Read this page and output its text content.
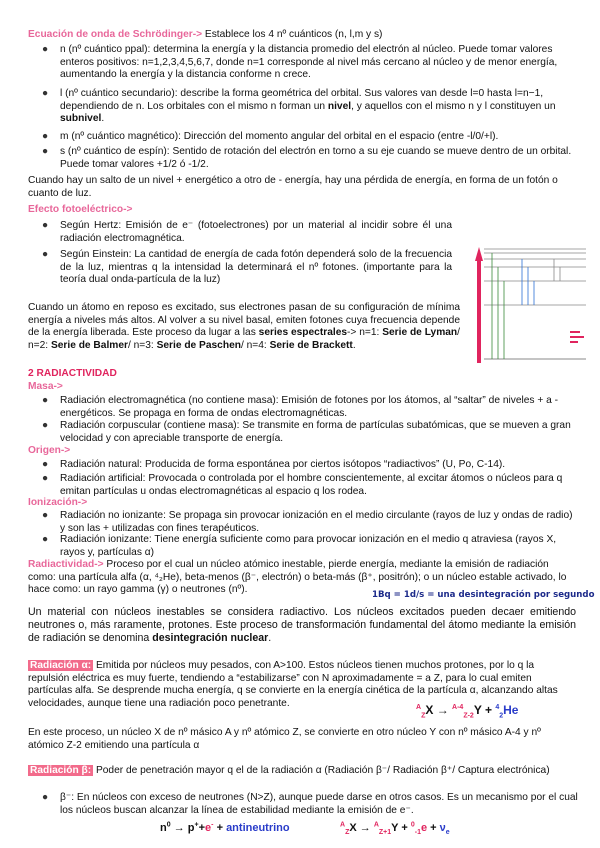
Ecuación de onda de Schrödinger-> Establece los 4 nº cuánticos (n, l,m y s)
● n (nº cuántico ppal): determina la energía y la distancia promedio del electrón al núcleo. Puede tomar valores enteros positivos: n=1,2,3,4,5,6,7, donde n=1 corresponde al nivel más cercano al núcleo y de menor energía, aumentando la energía y la distancia conforme n crece.
● l (nº cuántico secundario): describe la forma geométrica del orbital. Sus valores van desde l=0 hasta l=n−1, dependiendo de n. Los orbitales con el mismo n forman un nivel, y aquellos con el mismo n y l constituyen un subnivel.
● m (nº cuántico magnético): Dirección del momento angular del orbital en el espacio (entre -l/0/+l).
● s (nº cuántico de espín): Sentido de rotación del electrón en torno a su eje cuando se mueve dentro de un orbital. Puede tomar valores +1/2 ó -1/2.
Cuando hay un salto de un nivel + energético a otro de - energía, hay una pérdida de energía, en forma de un fotón o cuanto de luz.
Efecto fotoeléctrico->
● Según Hertz: Emisión de e⁻ (fotoelectrones) por un material al incidir sobre él una radiación electromagnética.
● Según Einstein: La cantidad de energía de cada fotón dependerá solo de la frecuencia de la luz, mientras q la intensidad la determinará el nº fotones. (importante para la teoría dual onda-partícula de la luz)
Cuando un átomo en reposo es excitado, sus electrones pasan de su configuración de mínima energía a niveles más altos. Al volver a su nivel basal, emiten fotones cuya frecuencia depende de la energía liberada. Este proceso da lugar a las series espectrales-> n=1: Serie de Lyman/ n=2: Serie de Balmer/ n=3: Serie de Paschen/ n=4: Serie de Brackett.
2 RADIACTIVIDAD
Masa->
● Radiación electromagnética (no contiene masa): Emisión de fotones por los átomos, al “saltar” de niveles + a - energéticos. Se propaga en forma de ondas electromagnéticas.
● Radiación corpuscular (contiene masa): Se transmite en forma de partículas subatómicas, que se mueven a gran velocidad y con apreciable transporte de energía.
Origen->
● Radiación natural: Producida de forma espontánea por ciertos isótopos “radiactivos” (U, Po, C-14).
● Radiación artificial: Provocada o controlada por el hombre conscientemente, al excitar átomos o núcleos para q emitan partículas u ondas electromagnéticas al espacio q los rodea.
Ionización->
● Radiación no ionizante: Se propaga sin provocar ionización en el medio circulante (rayos de luz y ondas de radio) y son las + utilizadas con fines terapéuticos.
● Radiación ionizante: Tiene energía suficiente como para provocar ionización en el medio q atraviesa (rayos X, rayos y, partículas α)
Radiactividad-> Proceso por el cual un núcleo atómico inestable, pierde energía, mediante la emisión de radiación como: una partícula alfa (α, ⁴₂He), beta-menos (β⁻, electrón) o beta-más (β⁺, positrón); o un núcleo estable activado, lo hace como: un rayo gamma (γ) o neutrones (nº).	1Bq = 1d/s = una desintegración por segundo
Un material con núcleos inestables se considera radiactivo. Los núcleos excitados pueden decaer emitiendo neutrones o, más raramente, protones. Este proceso de transformación fundamental del átomo mediante la emisión de radiación se denomina desintegración nuclear.
Radiación α: Emitida por núcleos muy pesados, con A>100. Estos núcleos tienen muchos protones, por lo q la repulsión eléctrica es muy fuerte, tendiendo a “estabilizarse” con N aproximadamente = a Z, para lo cual emiten partículas alfa. Se desprende mucha energía, q se convierte en la energía cinética de la partícula α, alcanzando altas velocidades, aunque tiene una radiación poco penetrante.	$^A_Z$X → $^{A-4}_{Z-2}$Y + $^4_2$He
En este proceso, un núcleo X de nº másico A y nº atómico Z, se convierte en otro núcleo Y con nº másico A-4 y nº atómico Z-2 emitiendo una partícula α
Radiación β: Poder de penetración mayor q el de la radiación α (Radiación β⁻/ Radiación β⁺/ Captura electrónica)
● β⁻: En núcleos con exceso de neutrones (N>Z), aunque puede darse en otros casos. Es un mecanismo por el cual los núcleos buscan alcanzar la línea de estabilidad mediante la emisión de e⁻.
$n^0 \to p^++e^-$ + antineutrino	$^A_ZX \to ^A_{Z+1}Y + ^0_{-1}e + \nu_e$
